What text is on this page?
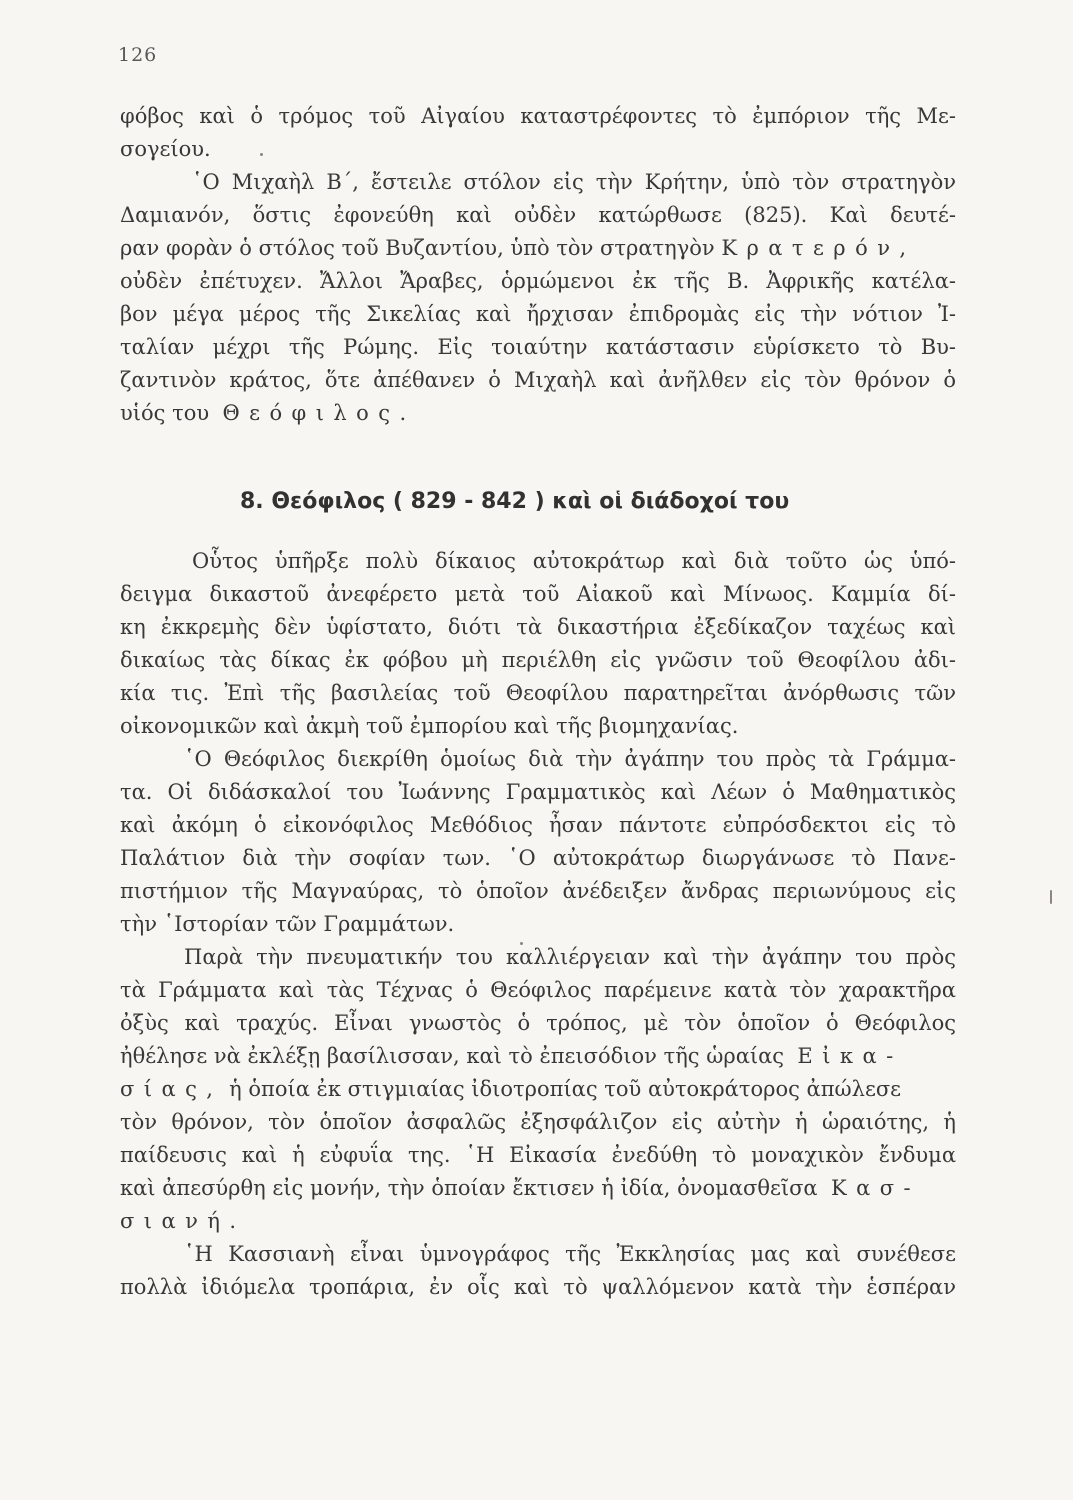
126
φόβος καὶ ὁ τρόμος τοῦ Αἰγαίου καταστρέφοντες τὸ ἐμπόριον τῆς Με-
σογείου.
῾Ο Μιχαὴλ Β΄, ἔστειλε στόλον εἰς τὴν Κρήτην, ὑπὸ τὸν στρατηγὸν
Δαμιανόν, ὅστις ἐφονεύθη καὶ οὐδὲν κατώρθωσε (825). Καὶ δευτέ-
ραν φορὰν ὁ στόλος τοῦ Βυζαντίου, ὑπὸ τὸν στρατηγὸν Κρατερόν,
οὐδὲν ἐπέτυχεν. Ἄλλοι Ἄραβες, ὁρμώμενοι ἐκ τῆς Β. Ἀφρικῆς κατέλα-
βον μέγα μέρος τῆς Σικελίας καὶ ἤρχισαν ἐπιδρομὰς εἰς τὴν νότιον Ἰ-
ταλίαν μέχρι τῆς Ρώμης. Εἰς τοιαύτην κατάστασιν εὑρίσκετο τὸ Βυ-
ζαντινὸν κράτος, ὅτε ἀπέθανεν ὁ Μιχαὴλ καὶ ἀνῆλθεν εἰς τὸν θρόνον ὁ
υἱός του Θεόφιλος.
8. Θεόφιλος ( 829 - 842 ) καὶ οἱ διάδοχοί του
Οὗτος ὑπῆρξε πολὺ δίκαιος αὐτοκράτωρ καὶ διὰ τοῦτο ὡς ὑπό-
δειγμα δικαστοῦ ἀνεφέρετο μετὰ τοῦ Αἰακοῦ καὶ Μίνωος. Καμμία δί-
κη ἐκκρεμὴς δὲν ὑφίστατο, διότι τὰ δικαστήρια ἐξεδίκαζον ταχέως καὶ
δικαίως τὰς δίκας ἐκ φόβου μὴ περιέλθη εἰς γνῶσιν τοῦ Θεοφίλου ἀδι-
κία τις. Ἐπὶ τῆς βασιλείας τοῦ Θεοφίλου παρατηρεῖται ἀνόρθωσις τῶν
οἰκονομικῶν καὶ ἀκμὴ τοῦ ἐμπορίου καὶ τῆς βιομηχανίας.
῾Ο Θεόφιλος διεκρίθη ὁμοίως διὰ τὴν ἀγάπην του πρὸς τὰ Γράμμα-
τα. Οἱ διδάσκαλοί του Ἰωάννης Γραμματικὸς καὶ Λέων ὁ Μαθηματικὸς
καὶ ἀκόμη ὁ εἰκονόφιλος Μεθόδιος ἦσαν πάντοτε εὐπρόσδεκτοι εἰς τὸ
Παλάτιον διὰ τὴν σοφίαν των. ῾Ο αὐτοκράτωρ διωργάνωσε τὸ Πανε-
πιστήμιον τῆς Μαγναύρας, τὸ ὁποῖον ἀνέδειξεν ἄνδρας περιωνύμους εἰς
τὴν ῾Ιστορίαν τῶν Γραμμάτων.
Παρὰ τὴν πνευματικήν του καλλιέργειαν καὶ τὴν ἀγάπην του πρὸς
τὰ Γράμματα καὶ τὰς Τέχνας ὁ Θεόφιλος παρέμεινε κατὰ τὸν χαρακτῆρα
ὀξὺς καὶ τραχύς. Εἶναι γνωστὸς ὁ τρόπος, μὲ τὸν ὁποῖον ὁ Θεόφιλος
ἠθέλησε νὰ ἐκλέξῃ βασίλισσαν, καὶ τὸ ἐπεισόδιον τῆς ὡραίας Εἰκα-
σίας, ἡ ὁποία ἐκ στιγμιαίας ἰδιοτροπίας τοῦ αὐτοκράτορος ἀπώλεσε
τὸν θρόνον, τὸν ὁποῖον ἀσφαλῶς ἐξησφάλιζον εἰς αὐτὴν ἡ ὡραιότης, ἡ
παίδευσις καὶ ἡ εὐφυΐα της. ῾Η Εἰκασία ἐνεδύθη τὸ μοναχικὸν ἔνδυμα
καὶ ἀπεσύρθη εἰς μονήν, τὴν ὁποίαν ἔκτισεν ἡ ἰδία, ὀνομασθεῖσα Κασ-
σιανή.
῾Η Κασσιανὴ εἶναι ὑμνογράφος τῆς Ἐκκλησίας μας καὶ συνέθεσε
πολλὰ ἰδιόμελα τροπάρια, ἐν οἷς καὶ τὸ ψαλλόμενον κατὰ τὴν ἑσπέραν
